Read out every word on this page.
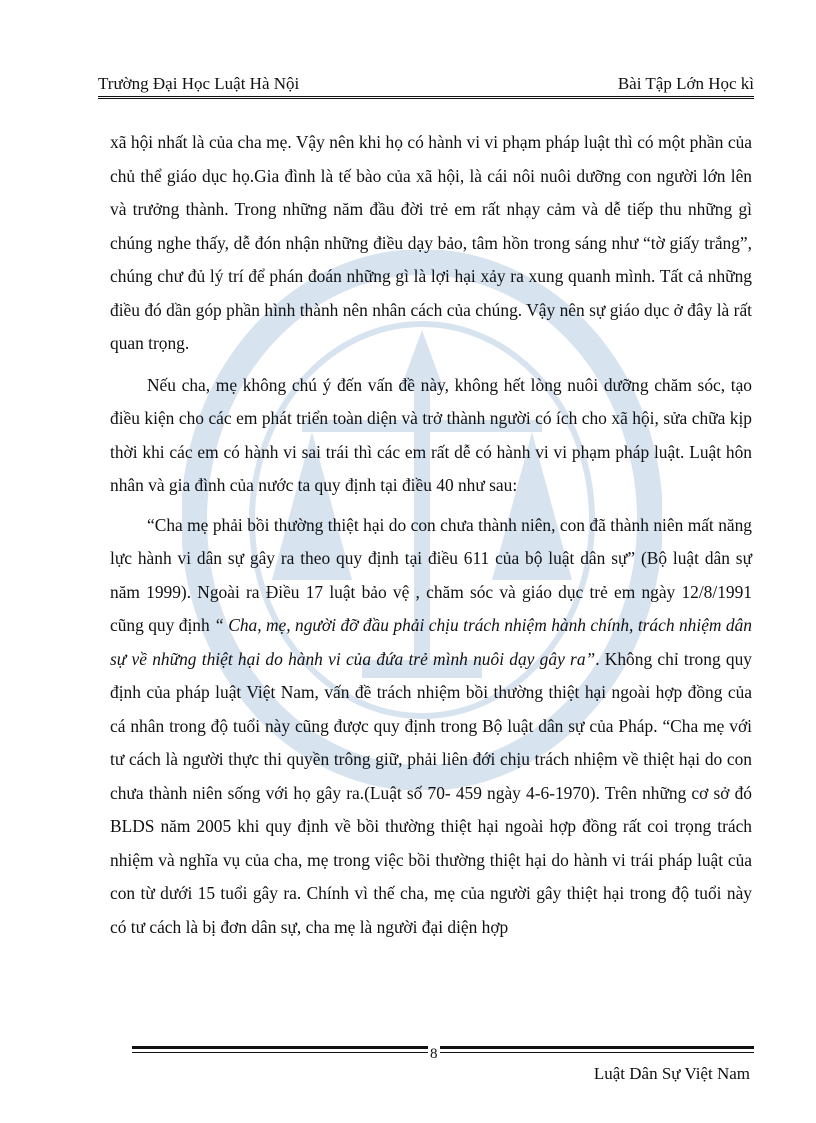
Trường Đại Học Luật Hà Nội	Bài Tập Lớn Học kì

xã hội nhất là của cha mẹ. Vậy nên khi họ có hành vi vi phạm pháp luật thì có một phần của chủ thể giáo dục họ.Gia đình là tế bào của xã hội, là cái nôi nuôi dưỡng con người lớn lên và trưởng thành. Trong những năm đầu đời trẻ em rất nhạy cảm và dễ tiếp thu những gì chúng nghe thấy, dễ đón nhận những điều dạy bảo, tâm hồn trong sáng như “tờ giấy trắng”, chúng chư đủ lý trí để phán đoán những gì là lợi hại xảy ra xung quanh mình. Tất cả những điều đó dần góp phần hình thành nên nhân cách của chúng. Vậy nên sự giáo dục ở đây là rất quan trọng.

Nếu cha, mẹ không chú ý đến vấn đề này, không hết lòng nuôi dưỡng chăm sóc, tạo điều kiện cho các em phát triển toàn diện và trở thành người có ích cho xã hội, sửa chữa kịp thời khi các em có hành vi sai trái thì các em rất dễ có hành vi vi phạm pháp luật. Luật hôn nhân và gia đình của nước ta quy định tại điều 40 như sau:

“Cha mẹ phải bồi thường thiệt hại do con chưa thành niên, con đã thành niên mất năng lực hành vi dân sự gây ra theo quy định tại điều 611 của bộ luật dân sự” (Bộ luật dân sự năm 1999). Ngoài ra Điều 17 luật bảo vệ , chăm sóc và giáo dục trẻ em ngày 12/8/1991 cũng quy định “ Cha, mẹ, người đỡ đầu phải chịu trách nhiệm hành chính, trách nhiệm dân sự về những thiệt hại do hành vi của đứa trẻ mình nuôi dạy gây ra”. Không chỉ trong quy định của pháp luật Việt Nam, vấn đề trách nhiệm bồi thường thiệt hại ngoài hợp đồng của cá nhân trong độ tuổi này cũng được quy định trong Bộ luật dân sự của Pháp. “Cha mẹ với tư cách là người thực thi quyền trông giữ, phải liên đới chịu trách nhiệm về thiệt hại do con chưa thành niên sống với họ gây ra.(Luật số 70- 459 ngày 4-6-1970). Trên những cơ sở đó BLDS năm 2005 khi quy định về bồi thường thiệt hại ngoài hợp đồng rất coi trọng trách nhiệm và nghĩa vụ của cha, mẹ trong việc bồi thường thiệt hại do hành vi trái pháp luật của con từ dưới 15 tuổi gây ra. Chính vì thế cha, mẹ của người gây thiệt hại trong độ tuổi này có tư cách là bị đơn dân sự, cha mẹ là người đại diện hợp

8
Luật Dân Sự Việt Nam
